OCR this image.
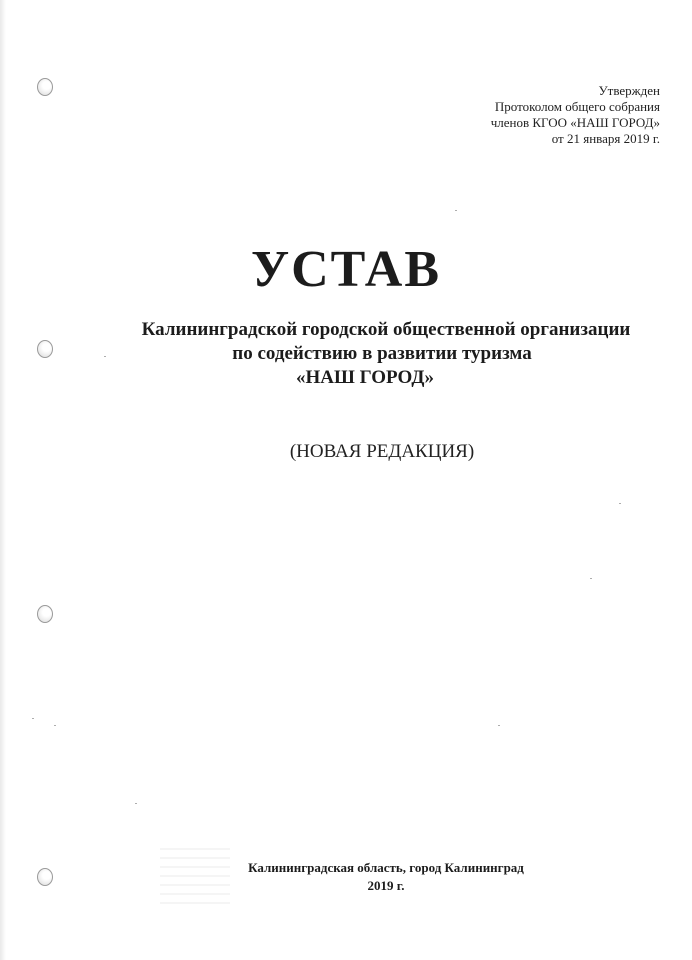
Утвержден
Протоколом общего собрания
членов КГОО «НАШ ГОРОД»
от 21 января 2019 г.
УСТАВ
Калининградской городской общественной организации
по содействию в развитии туризма
«НАШ ГОРОД»
(НОВАЯ РЕДАКЦИЯ)
Калининградская область, город Калининград
2019 г.
